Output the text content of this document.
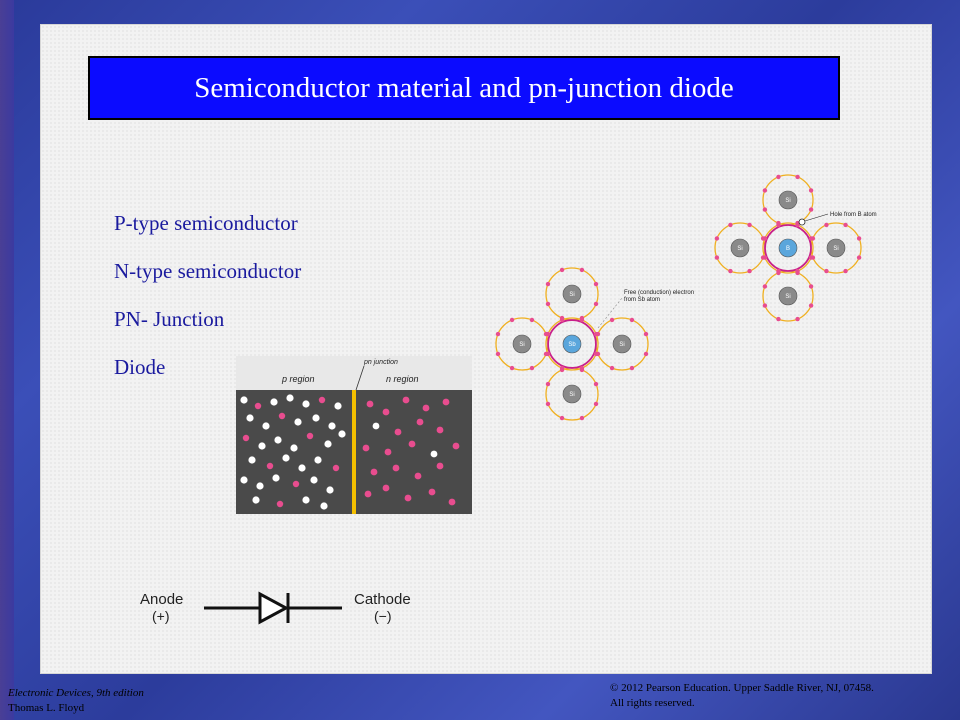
Semiconductor material and pn-junction diode
P-type semiconductor
N-type semiconductor
PN- Junction
Diode	p region	n region
pn junction
Sb
Si	Si
Si
Si
Free (conduction) electron
from Sb atom
B
Si	Si
Si
Si
Hole from B atom
Anode
(+)
Cathode
(−)
Electronic Devices, 9th edition
Thomas L. Floyd
© 2012 Pearson Education. Upper Saddle River, NJ, 07458.
All rights reserved.
